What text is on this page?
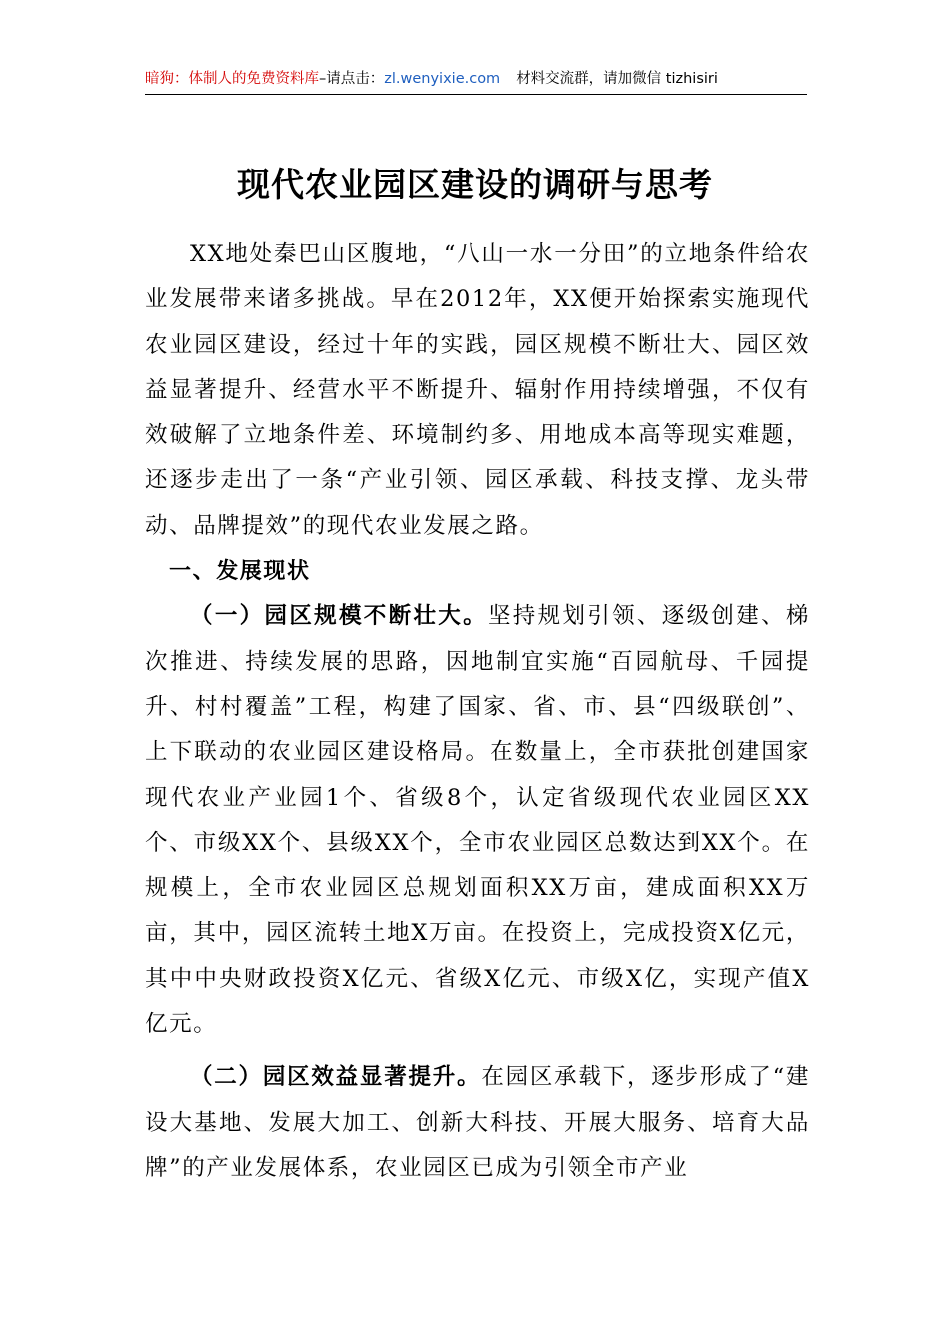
暗狗：体制人的免费资料库–请点击：zl.wenyixie.com 材料交流群，请加微信 tizhisiri
现代农业园区建设的调研与思考

XX地处秦巴山区腹地，“八山一水一分田”的立地条件给农业发展带来诸多挑战。早在2012年，XX便开始探索实施现代农业园区建设，经过十年的实践，园区规模不断壮大、园区效益显著提升、经营水平不断提升、辐射作用持续增强，不仅有效破解了立地条件差、环境制约多、用地成本高等现实难题，还逐步走出了一条“产业引领、园区承载、科技支撑、龙头带动、品牌提效”的现代农业发展之路。

一、发展现状

（一）园区规模不断壮大。坚持规划引领、逐级创建、梯次推进、持续发展的思路，因地制宜实施“百园航母、千园提升、村村覆盖”工程，构建了国家、省、市、县“四级联创”、上下联动的农业园区建设格局。在数量上，全市获批创建国家现代农业产业园1个、省级8个，认定省级现代农业园区XX个、市级XX个、县级XX个，全市农业园区总数达到XX个。在规模上，全市农业园区总规划面积XX万亩，建成面积XX万亩，其中，园区流转土地X万亩。在投资上，完成投资X亿元，其中中央财政投资X亿元、省级X亿元、市级X亿，实现产值X亿元。

（二）园区效益显著提升。在园区承载下，逐步形成了“建设大基地、发展大加工、创新大科技、开展大服务、培育大品牌”的产业发展体系，农业园区已成为引领全市产业
